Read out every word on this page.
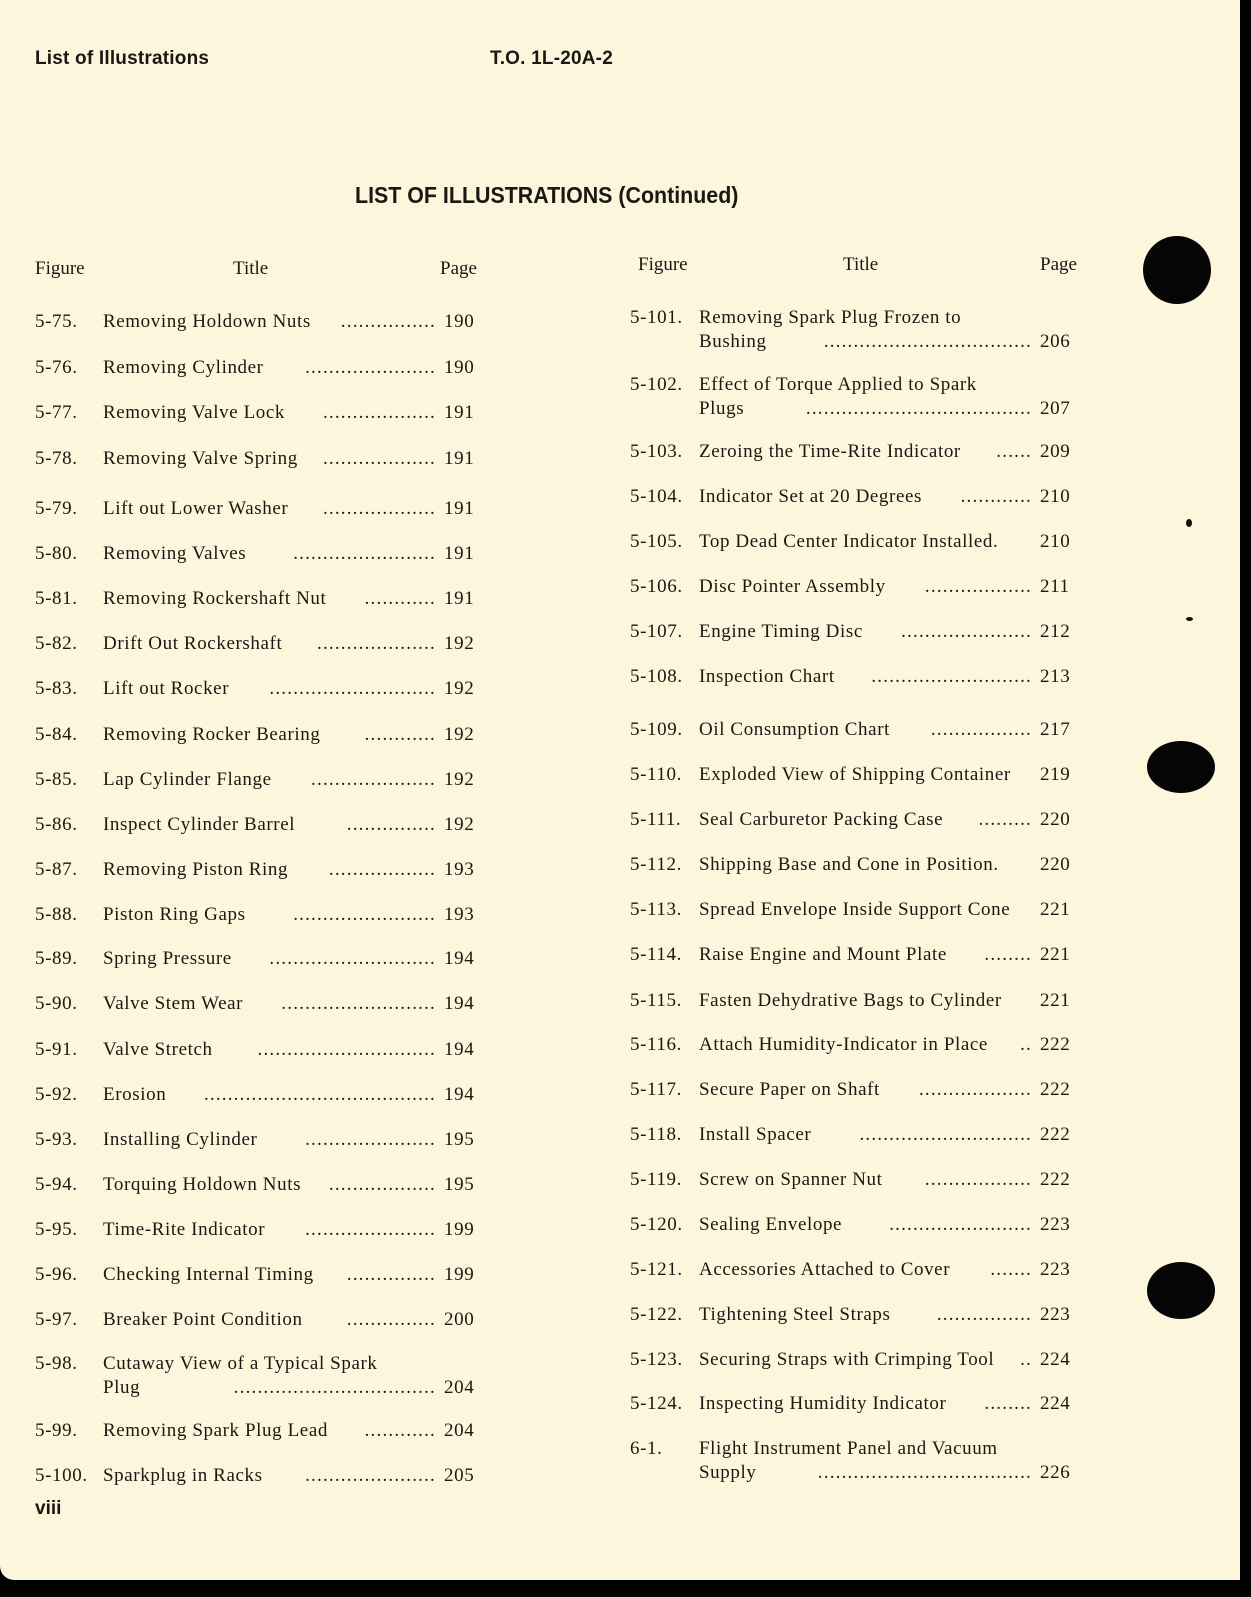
List of Illustrations	T.O. 1L-20A-2
LIST OF ILLUSTRATIONS (Continued)
Figure	Title	Page	Figure	Title	Page
5-75. Removing Holdown Nuts	190
................
5-76. Removing Cylinder	190
......................
5-77. Removing Valve Lock	191
...................
5-78. Removing Valve Spring	191
...................
5-79. Lift out Lower Washer	191
...................
5-80. Removing Valves	191
........................
5-81. Removing Rockershaft Nut	191
............
5-82. Drift Out Rockershaft	192
....................
5-83. Lift out Rocker	192
............................
5-84. Removing Rocker Bearing	192
............
5-85. Lap Cylinder Flange	192
.....................
5-86. Inspect Cylinder Barrel	192
...............
5-87. Removing Piston Ring	193
..................
5-88. Piston Ring Gaps	193
........................
5-89. Spring Pressure	194
............................
5-90. Valve Stem Wear	194
..........................
5-91. Valve Stretch	194
..............................
5-92. Erosion	194
.......................................
5-93. Installing Cylinder	195
......................
5-94. Torquing Holdown Nuts	195
..................
5-95. Time-Rite Indicator	199
......................
5-96. Checking Internal Timing	199
...............
5-97. Breaker Point Condition	200
...............
5-98. Cutaway View of a Typical Spark
Plug	204
..................................
5-99. Removing Spark Plug Lead	204
............
5-100. Sparkplug in Racks	205
......................
5-101. Removing Spark Plug Frozen to
Bushing	206
...................................
5-102. Effect of Torque Applied to Spark
Plugs	207
......................................
5-103. Zeroing the Time-Rite Indicator	209
......
5-104. Indicator Set at 20 Degrees	210
............
5-105. Top Dead Center Indicator Installed. 210
5-106. Disc Pointer Assembly	211
..................
5-107. Engine Timing Disc	212
......................
5-108. Inspection Chart	213
...........................
5-109. Oil Consumption Chart	217
.................
5-110. Exploded View of Shipping Container 219
5-111. Seal Carburetor Packing Case	220
.........
5-112. Shipping Base and Cone in Position. 220
5-113. Spread Envelope Inside Support Cone 221
5-114. Raise Engine and Mount Plate	221
........
5-115. Fasten Dehydrative Bags to Cylinder 221
5-116. Attach Humidity-Indicator in Place	222
..
5-117. Secure Paper on Shaft	222
...................
5-118. Install Spacer	222
.............................
5-119. Screw on Spanner Nut	222
..................
5-120. Sealing Envelope	223
........................
5-121. Accessories Attached to Cover	223
.......
5-122. Tightening Steel Straps	223
................
5-123. Securing Straps with Crimping Tool 224
..
5-124. Inspecting Humidity Indicator	224
........
6-1. Flight Instrument Panel and Vacuum
Supply	226
....................................
viii
